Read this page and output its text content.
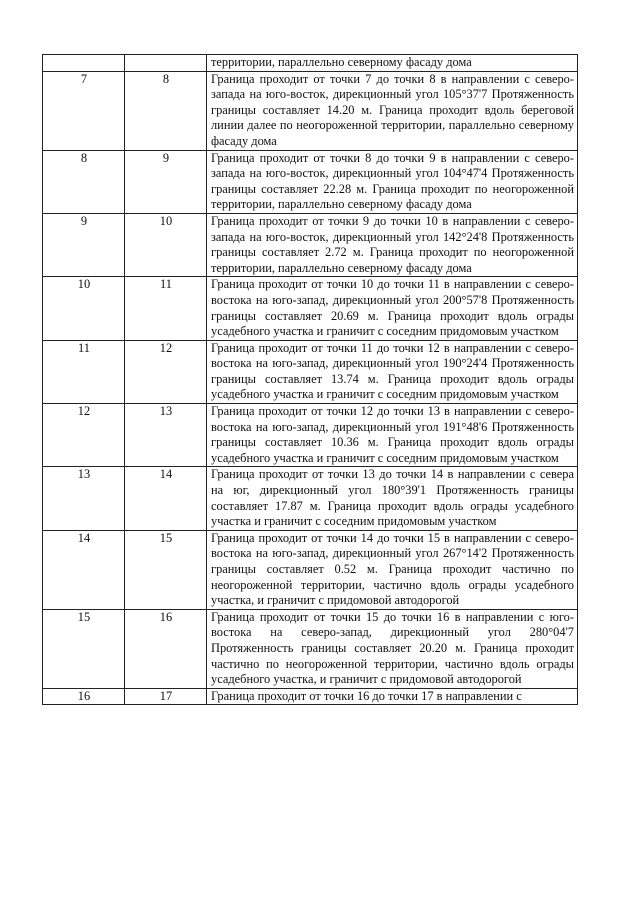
		территории, параллельно северному фасаду дома
7	8	Граница проходит от точки 7 до точки 8 в направлении с северо-запада на юго-восток, дирекционный угол 105°37'7 Протяженность границы составляет 14.20 м. Граница проходит вдоль береговой линии далее по неогороженной территории, параллельно северному фасаду дома
8	9	Граница проходит от точки 8 до точки 9 в направлении с северо-запада на юго-восток, дирекционный угол 104°47'4 Протяженность границы составляет 22.28 м. Граница проходит по неогороженной территории, параллельно северному фасаду дома
9	10	Граница проходит от точки 9 до точки 10 в направлении с северо-запада на юго-восток, дирекционный угол 142°24'8 Протяженность границы составляет 2.72 м. Граница проходит по неогороженной территории, параллельно северному фасаду дома
10	11	Граница проходит от точки 10 до точки 11 в направлении с северо-востока на юго-запад, дирекционный угол 200°57'8 Протяженность границы составляет 20.69 м. Граница проходит вдоль ограды усадебного участка и граничит с соседним придомовым участком
11	12	Граница проходит от точки 11 до точки 12 в направлении с северо-востока на юго-запад, дирекционный угол 190°24'4 Протяженность границы составляет 13.74 м. Граница проходит вдоль ограды усадебного участка и граничит с соседним придомовым участком
12	13	Граница проходит от точки 12 до точки 13 в направлении с северо-востока на юго-запад, дирекционный угол 191°48'6 Протяженность границы составляет 10.36 м. Граница проходит вдоль ограды усадебного участка и граничит с соседним придомовым участком
13	14	Граница проходит от точки 13 до точки 14 в направлении с севера на юг, дирекционный угол 180°39'1 Протяженность границы составляет 17.87 м. Граница проходит вдоль ограды усадебного участка и граничит с соседним придомовым участком
14	15	Граница проходит от точки 14 до точки 15 в направлении с северо-востока на юго-запад, дирекционный угол 267°14'2 Протяженность границы составляет 0.52 м. Граница проходит частично по неогороженной территории, частично вдоль ограды усадебного участка, и граничит с придомовой автодорогой
15	16	Граница проходит от точки 15 до точки 16 в направлении с юго-востока на северо-запад, дирекционный угол 280°04'7 Протяженность границы составляет 20.20 м. Граница проходит частично по неогороженной территории, частично вдоль ограды усадебного участка, и граничит с придомовой автодорогой
16	17	Граница проходит от точки 16 до точки 17 в направлении с
